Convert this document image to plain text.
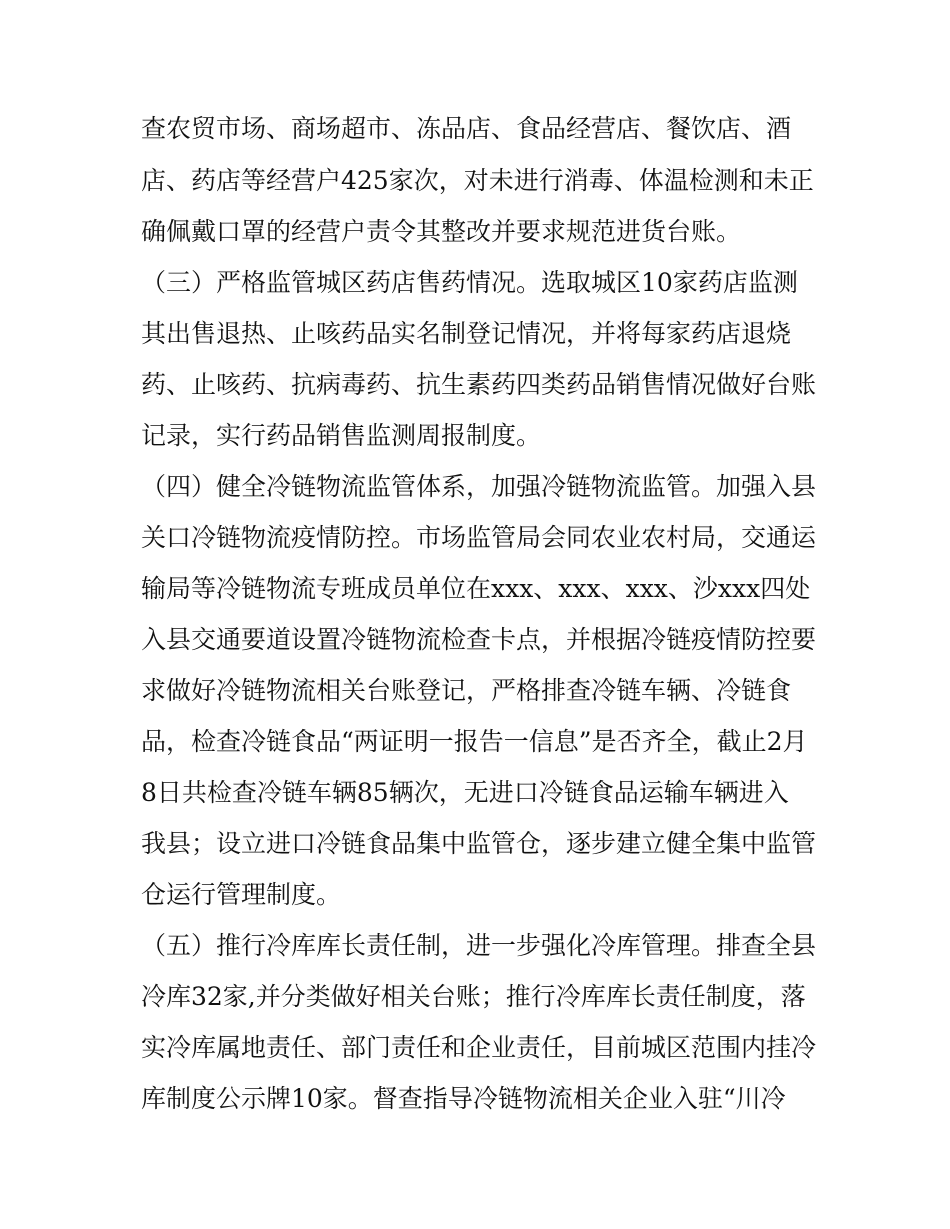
查农贸市场、商场超市、冻品店、食品经营店、餐饮店、酒
店、药店等经营户425家次，对未进行消毒、体温检测和未正
确佩戴口罩的经营户责令其整改并要求规范进货台账。
（三）严格监管城区药店售药情况。选取城区10家药店监测
其出售退热、止咳药品实名制登记情况，并将每家药店退烧
药、止咳药、抗病毒药、抗生素药四类药品销售情况做好台账
记录，实行药品销售监测周报制度。
（四）健全冷链物流监管体系，加强冷链物流监管。加强入县
关口冷链物流疫情防控。市场监管局会同农业农村局，交通运
输局等冷链物流专班成员单位在xxx、xxx、xxx、沙xxx四处
入县交通要道设置冷链物流检查卡点，并根据冷链疫情防控要
求做好冷链物流相关台账登记，严格排查冷链车辆、冷链食
品，检查冷链食品“两证明一报告一信息”是否齐全，截止2月
8日共检查冷链车辆85辆次，无进口冷链食品运输车辆进入
我县；设立进口冷链食品集中监管仓，逐步建立健全集中监管
仓运行管理制度。
（五）推行冷库库长责任制，进一步强化冷库管理。排查全县
冷库32家,并分类做好相关台账；推行冷库库长责任制度，落
实冷库属地责任、部门责任和企业责任，目前城区范围内挂冷
库制度公示牌10家。督查指导冷链物流相关企业入驻“川冷
